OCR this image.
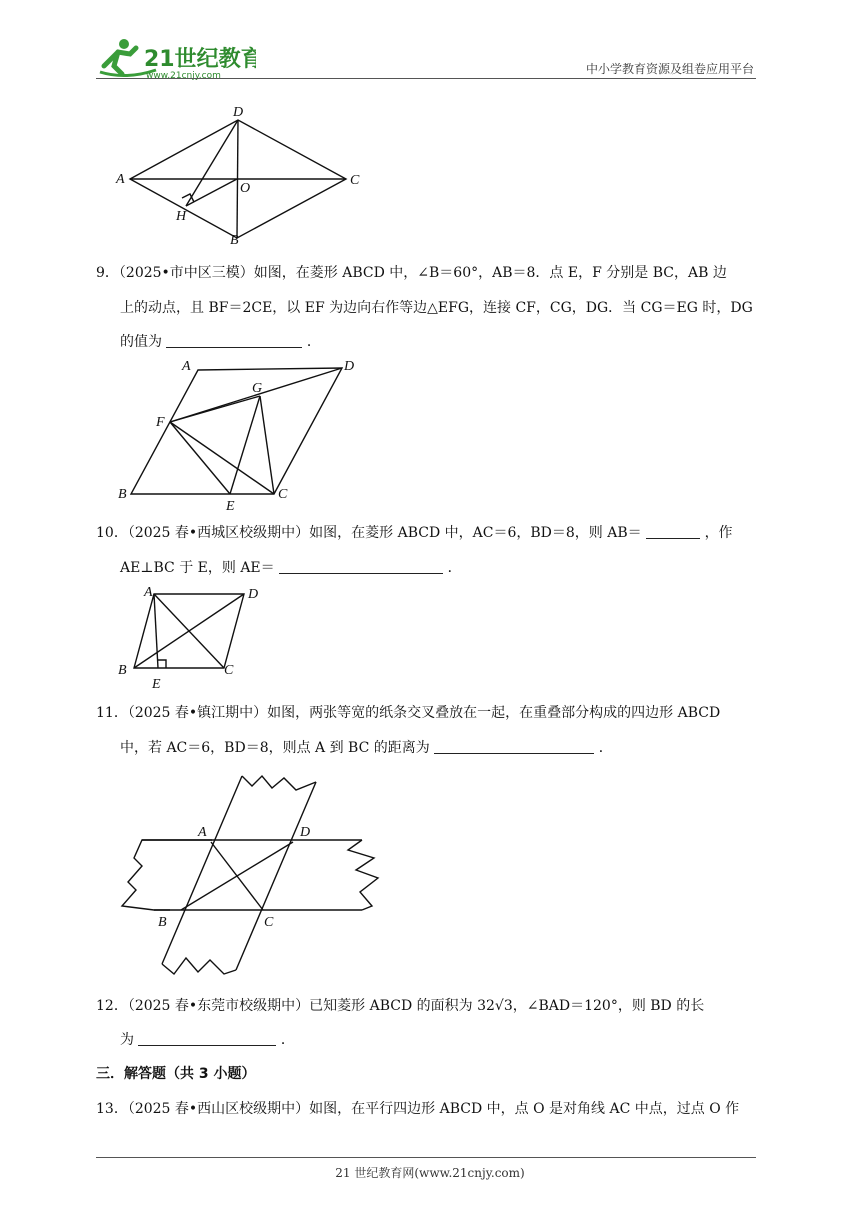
21世纪教育
www.21cnjy.com	中小学教育资源及组卷应用平台
D
A
O
C
H
B
9．（2025•市中区三模）如图，在菱形 ABCD 中，∠B＝60°，AB＝8．点 E，F 分别是 BC，AB 边
上的动点，且 BF＝2CE，以 EF 为边向右作等边△EFG，连接 CF，CG，DG．当 CG＝EG 时，DG
的值为	．
A	D
G
F
B
E
C
10．（2025 春•西城区校级期中）如图，在菱形 ABCD 中，AC＝6，BD＝8，则 AB＝	，作
AE⊥BC 于 E，则 AE＝	．
A	D
B	C
E
11．（2025 春•镇江期中）如图，两张等宽的纸条交叉叠放在一起，在重叠部分构成的四边形 ABCD
中，若 AC＝6，BD＝8，则点 A 到 BC 的距离为	．
A	D
B	C
12．（2025 春•东莞市校级期中）已知菱形 ABCD 的面积为 32√3，∠BAD＝120°，则 BD 的长
为	．
三．解答题（共 3 小题）
13．（2025 春•西山区校级期中）如图，在平行四边形 ABCD 中，点 O 是对角线 AC 中点，过点 O 作
21 世纪教育网(www.21cnjy.com)
